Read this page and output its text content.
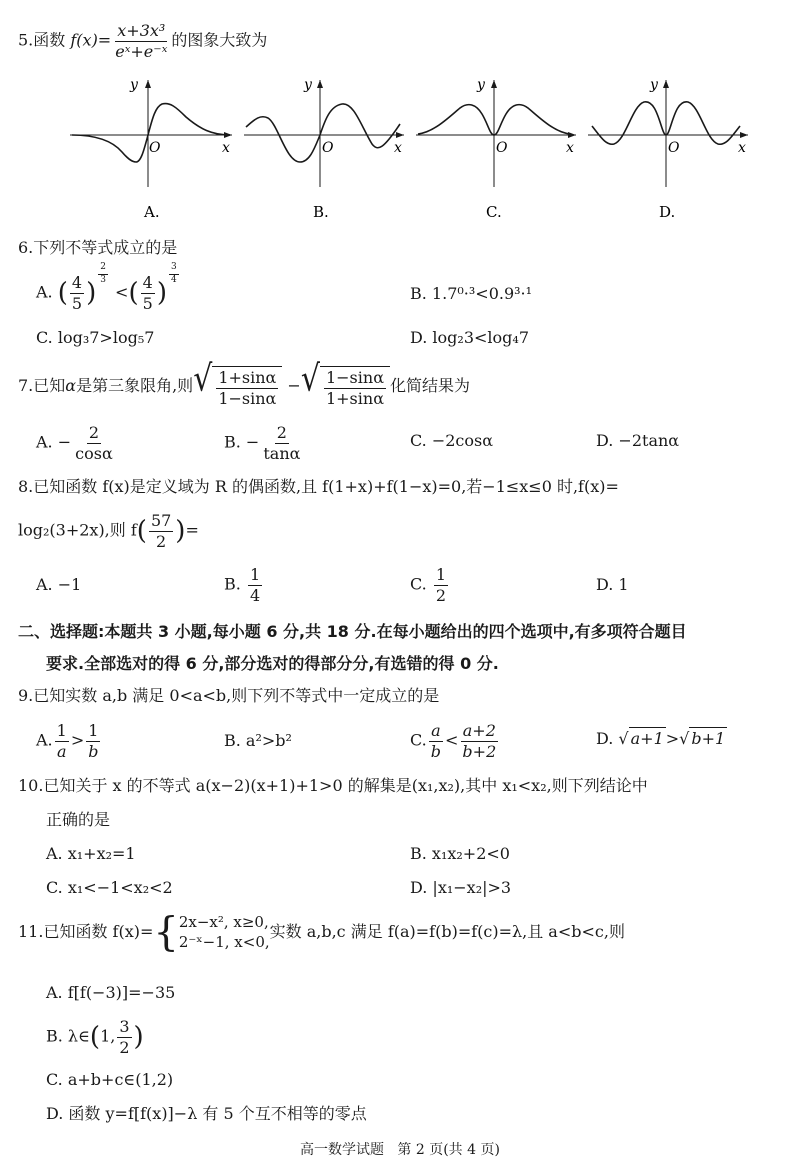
5.函数 $f(x)= \frac{\text{x+3x³}}{\text{eˣ+e⁻ˣ}}$ 的图象大致为
y
x
O
A.
y
x
O
B.
y
x
O
C.
y
x
O
D.
6.下列不等式成立的是
A. ( $\frac{4}{5}$ )
$^{\frac{2}{3}}$
<( $\frac{4}{5}$ )
$^{\frac{3}{4}}$
B. 1.7⁰·³<0.9³·¹
C. log₃7>log₅7	D. log₂3<log₄7
7.已知α是第三象限角,则 √ $\frac{1+\sin\alpha}{1-\sin\alpha}$ − √ $\frac{1-\sin\alpha}{1+\sin\alpha}$ 化简结果为
A. − $\frac{2}{\cos\alpha}$	B. − $\frac{2}{\tan\alpha}$	C. −2cosα	D. −2tanα
8.已知函数 f(x)是定义域为 R 的偶函数,且 f(1+x)+f(1−x)=0,若−1≤x≤0 时,f(x)=
log₂(3+2x),则 $f( \frac{57}{2}$ )=
A. −1	B. $\frac{1}{4}$	C. $\frac{1}{2}$	D. 1
二、选择题:本题共 3 小题,每小题 6 分,共 18 分.在每小题给出的四个选项中,有多项符合题目
要求.全部选对的得 6 分,部分选对的得部分分,有选错的得 0 分.
9.已知实数 a,b 满足 0<a<b,则下列不等式中一定成立的是
A. $\frac{1}{a} > \frac{1}{b}$	B. a²>b²	C. $\frac{a}{b} < \frac{a+2}{b+2}$	D. √ a+1 >√ b+1
10.已知关于 x 的不等式 a(x−2)(x+1)+1>0 的解集是(x₁,x₂),其中 x₁<x₂,则下列结论中
正确的是
A. x₁+x₂=1	B. x₁x₂+2<0
C. x₁<−1<x₂<2	D. |x₁−x₂|>3
11.已知函数 f(x)={ 2x−x², x≥0,
2⁻ˣ−1, x<0,
实数 a,b,c 满足 f(a)=f(b)=f(c)=λ,且 a<b<c,则
A. f[f(−3)]=−35
B. λ∈(1, $\frac{3}{2}$ )
C. a+b+c∈(1,2)
D. 函数 y=f[f(x)]−λ 有 5 个互不相等的零点
高一数学试题   第 2 页(共 4 页)
